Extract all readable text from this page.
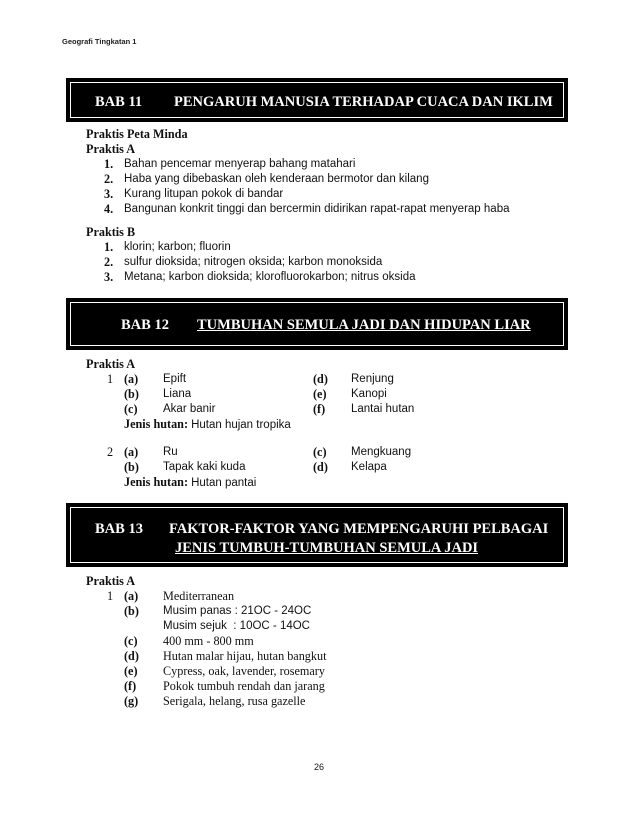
Geografi Tingkatan 1
BAB 11 PENGARUH MANUSIA TERHADAP CUACA DAN IKLIM
Praktis Peta Minda
Praktis A
1. Bahan pencemar menyerap bahang matahari
2. Haba yang dibebaskan oleh kenderaan bermotor dan kilang
3. Kurang litupan pokok di bandar
4. Bangunan konkrit tinggi dan bercermin didirikan rapat-rapat menyerap haba
Praktis B
1. klorin; karbon; fluorin
2. sulfur dioksida; nitrogen oksida; karbon monoksida
3. Metana; karbon dioksida; klorofluorokarbon; nitrus oksida
BAB 12 TUMBUHAN SEMULA JADI DAN HIDUPAN LIAR
Praktis A
1 (a) Epift
(b) Liana
(c) Akar banir
(d) Renjung
(e) Kanopi
(f) Lantai hutan
Jenis hutan: Hutan hujan tropika
2 (a) Ru
(b) Tapak kaki kuda
(c) Mengkuang
(d) Kelapa
Jenis hutan: Hutan pantai
BAB 13 FAKTOR-FAKTOR YANG MEMPENGARUHI PELBAGAI
JENIS TUMBUH-TUMBUHAN SEMULA JADI
Praktis A
1 (a) Mediterranean
(b) Musim panas : 21OC - 24OC
Musim sejuk  : 10OC - 14OC
(c) 400 mm - 800 mm
(d) Hutan malar hijau, hutan bangkut
(e) Cypress, oak, lavender, rosemary
(f) Pokok tumbuh rendah dan jarang
(g) Serigala, helang, rusa gazelle
26
